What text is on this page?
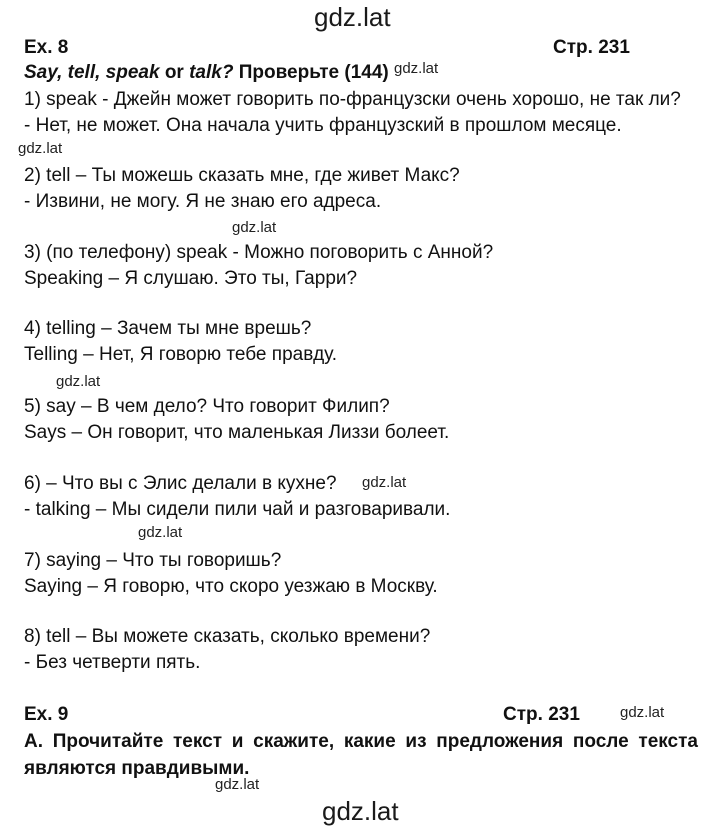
gdz.lat
Ex. 8	Стр. 231
Say, tell, speak or talk? Проверьте (144) gdz.lat
1) speak - Джейн может говорить по-французски очень хорошо, не так ли?
- Нет, не может. Она начала учить французский в прошлом месяце.
gdz.lat
2) tell – Ты можешь сказать мне, где живет Макс?
- Извини, не могу. Я не знаю его адреса.
gdz.lat
3) (по телефону) speak - Можно поговорить с Анной?
Speaking – Я слушаю. Это ты, Гарри?
4) telling – Зачем ты мне врешь?
Telling – Нет, Я говорю тебе правду.
gdz.lat
5) say – В чем дело? Что говорит Филип?
Says – Он говорит, что маленькая Лиззи болеет.
6) – Что вы с Элис делали в кухне? gdz.lat
- talking – Мы сидели пили чай и разговаривали.
gdz.lat
7) saying – Что ты говоришь?
Saying – Я говорю, что скоро уезжаю в Москву.
8) tell – Вы можете сказать, сколько времени?
- Без четверти пять.
Ex. 9	Стр. 231	gdz.lat
A. Прочитайте текст и скажите, какие из предложения после текста являются правдивыми.
gdz.lat
gdz.lat
